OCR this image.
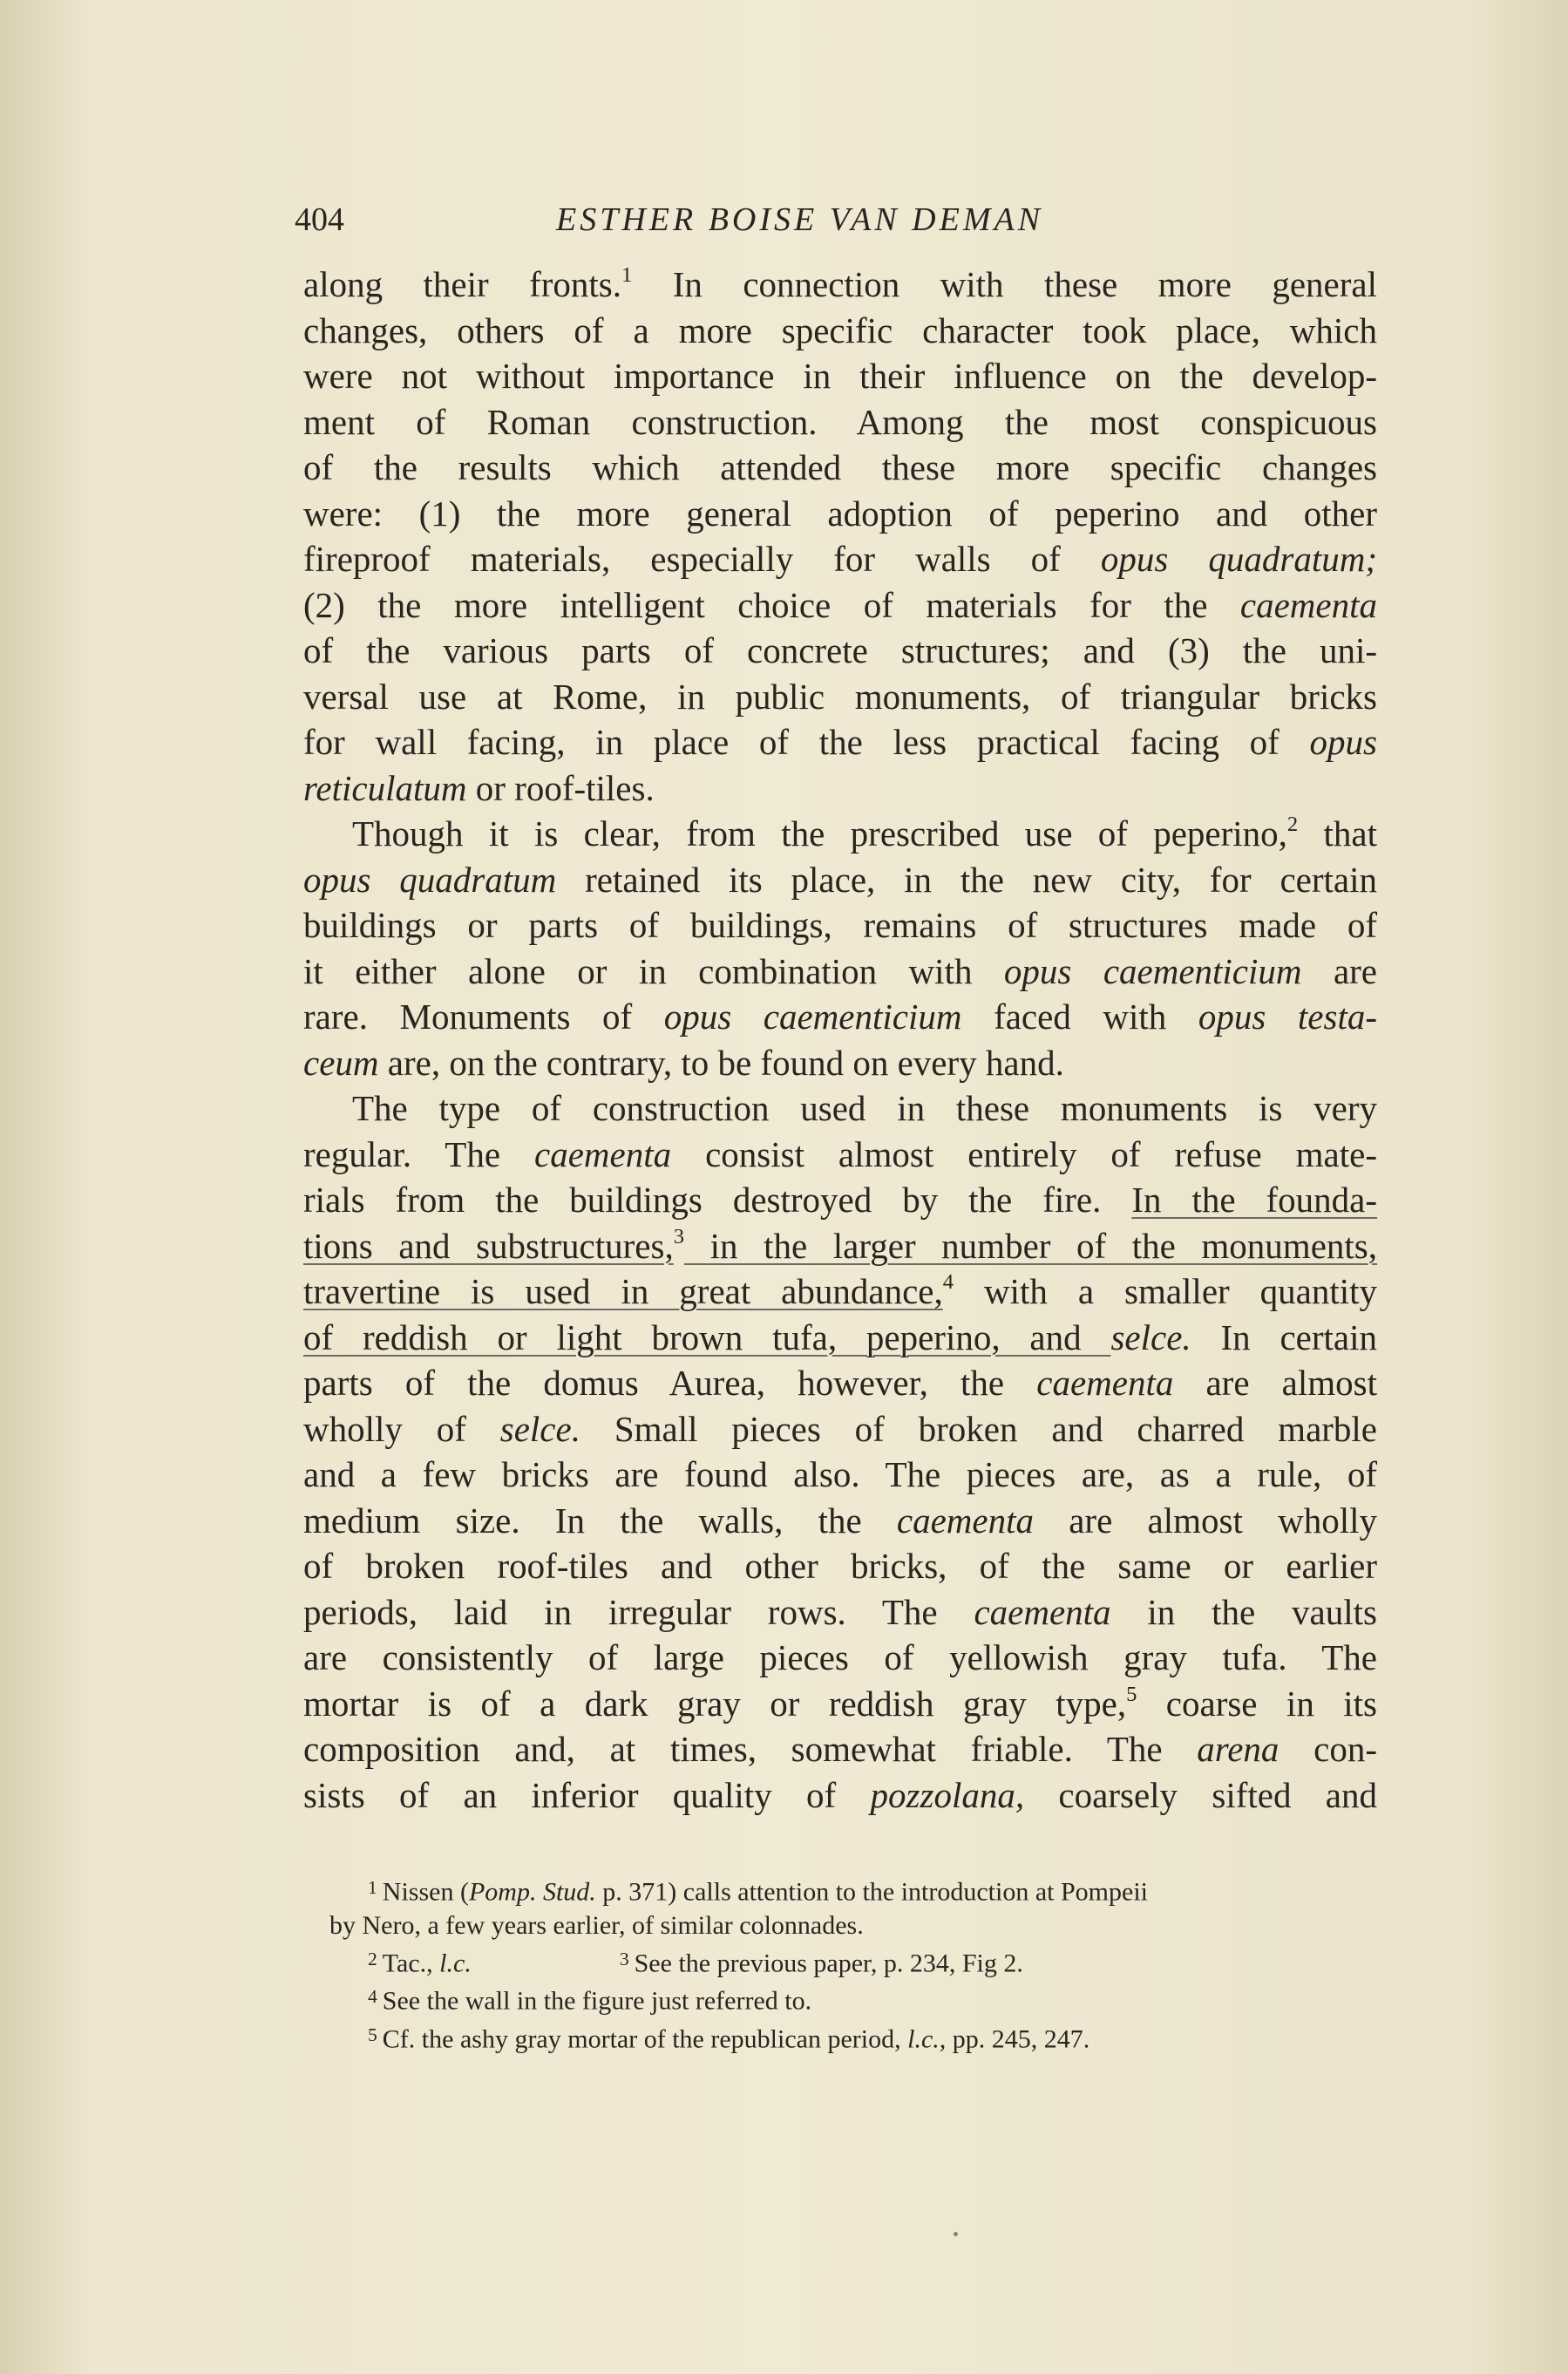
404	ESTHER BOISE VAN DEMAN

along their fronts.$^1$ In connection with these more general
changes, others of a more specific character took place, which
were not without importance in their influence on the develop-
ment of Roman construction. Among the most conspicuous
of the results which attended these more specific changes
were: (1) the more general adoption of peperino and other
fireproof materials, especially for walls of opus quadratum;
(2) the more intelligent choice of materials for the caementa
of the various parts of concrete structures; and (3) the uni-
versal use at Rome, in public monuments, of triangular bricks
for wall facing, in place of the less practical facing of opus
reticulatum or roof-tiles.

Though it is clear, from the prescribed use of peperino,$^2$ that
opus quadratum retained its place, in the new city, for certain
buildings or parts of buildings, remains of structures made of
it either alone or in combination with opus caementicium are
rare. Monuments of opus caementicium faced with opus testa-
ceum are, on the contrary, to be found on every hand.

The type of construction used in these monuments is very
regular. The caementa consist almost entirely of refuse mate-
rials from the buildings destroyed by the fire. In the founda-
tions and substructures,$^3$ in the larger number of the monuments,
travertine is used in great abundance,$^4$ with a smaller quantity
of reddish or light brown tufa, peperino, and selce. In certain
parts of the domus Aurea, however, the caementa are almost
wholly of selce. Small pieces of broken and charred marble
and a few bricks are found also. The pieces are, as a rule, of
medium size. In the walls, the caementa are almost wholly
of broken roof-tiles and other bricks, of the same or earlier
periods, laid in irregular rows. The caementa in the vaults
are consistently of large pieces of yellowish gray tufa. The
mortar is of a dark gray or reddish gray type,$^5$ coarse in its
composition and, at times, somewhat friable. The arena con-
sists of an inferior quality of pozzolana, coarsely sifted and

$^1$ Nissen (Pomp. Stud. p. 371) calls attention to the introduction at Pompeii
by Nero, a few years earlier, of similar colonnades.
$^2$ Tac., l.c.	$^3$ See the previous paper, p. 234, Fig 2.
$^4$ See the wall in the figure just referred to.
$^5$ Cf. the ashy gray mortar of the republican period, l.c., pp. 245, 247.
